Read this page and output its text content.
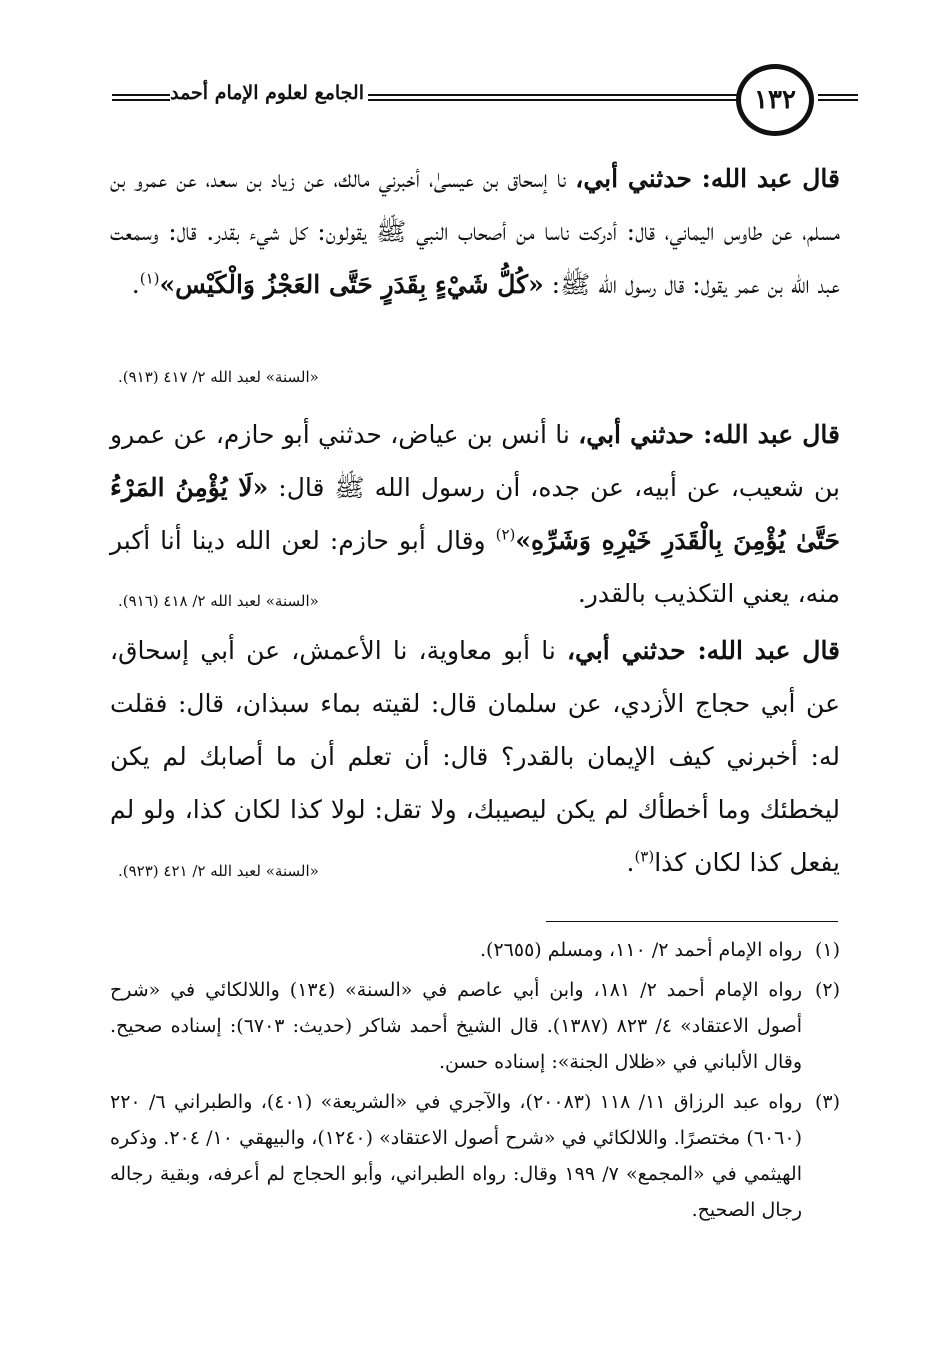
الجامع لعلوم الإمام أحمد	١٣٢

قال عبد الله: حدثني أبي، نا إسحاق بن عيسىٰ، أخبرني مالك، عن زياد بن سعد، عن عمرو بن مسلم، عن طاوس اليماني، قال: أدركت ناسا من أصحاب النبي ﷺ يقولون: كل شيء بقدر. قال: وسمعت عبد الله بن عمر يقول: قال رسول الله ﷺ: «كُلُّ شَيْءٍ بِقَدَرٍ حَتَّى العَجْزُ وَالْكَيْس»$^{(١)}$.

«السنة» لعبد الله ٢/ ٤١٧ (٩١٣).

قال عبد الله: حدثني أبي، نا أنس بن عياض، حدثني أبو حازم، عن عمرو بن شعيب، عن أبيه، عن جده، أن رسول الله ﷺ قال: «لَا يُؤْمِنُ المَرْءُ حَتَّىٰ يُؤْمِنَ بِالْقَدَرِ خَيْرِهِ وَشَرِّهِ»$^{(٢)}$ وقال أبو حازم: لعن الله دينا أنا أكبر منه، يعني التكذيب بالقدر.

«السنة» لعبد الله ٢/ ٤١٨ (٩١٦).

قال عبد الله: حدثني أبي، نا أبو معاوية، نا الأعمش، عن أبي إسحاق، عن أبي حجاج الأزدي، عن سلمان قال: لقيته بماء سبذان، قال: فقلت له: أخبرني كيف الإيمان بالقدر؟ قال: أن تعلم أن ما أصابك لم يكن ليخطئك وما أخطأك لم يكن ليصيبك، ولا تقل: لولا كذا لكان كذا، ولو لم يفعل كذا لكان كذا$^{(٣)}$.

«السنة» لعبد الله ٢/ ٤٢١ (٩٢٣).
(١)
رواه الإمام أحمد ٢/ ١١٠، ومسلم (٢٦٥٥).
(٢)
رواه الإمام أحمد ٢/ ١٨١، وابن أبي عاصم في «السنة» (١٣٤) واللالكائي في «شرح أصول الاعتقاد» ٤/ ٨٢٣ (١٣٨٧). قال الشيخ أحمد شاكر (حديث: ٦٧٠٣): إسناده صحيح. وقال الألباني في «ظلال الجنة»: إسناده حسن.
(٣)
رواه عبد الرزاق ١١/ ١١٨ (٢٠٠٨٣)، والآجري في «الشريعة» (٤٠١)، والطبراني ٦/ ٢٢٠ (٦٠٦٠) مختصرًا. واللالكائي في «شرح أصول الاعتقاد» (١٢٤٠)، والبيهقي ١٠/ ٢٠٤. وذكره الهيثمي في «المجمع» ٧/ ١٩٩ وقال: رواه الطبراني، وأبو الحجاج لم أعرفه، وبقية رجاله رجال الصحيح.
